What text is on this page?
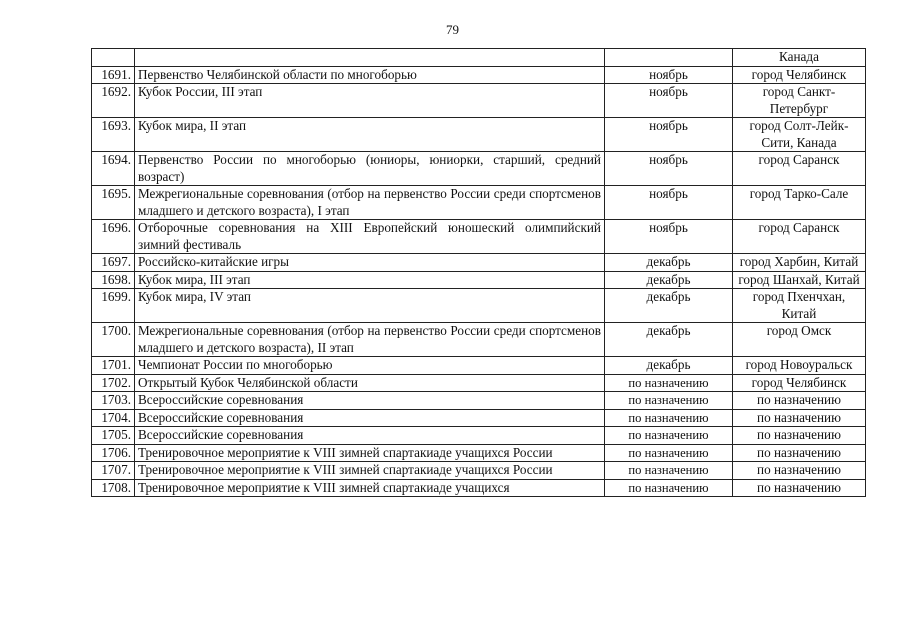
79
			Канада
1691.	Первенство Челябинской области по многоборью	ноябрь	город Челябинск
1692.	Кубок России, III этап	ноябрь	город Санкт-Петербург
1693.	Кубок мира, II этап	ноябрь	город Солт-Лейк-Сити, Канада
1694.	Первенство России по многоборью (юниоры, юниорки, старший, средний возраст)	ноябрь	город Саранск
1695.	Межрегиональные соревнования (отбор на первенство России среди спортсменов младшего и детского возраста), I этап	ноябрь	город Тарко-Сале
1696.	Отборочные соревнования на XIII Европейский юношеский олимпийский зимний фестиваль	ноябрь	город Саранск
1697.	Российско-китайские игры	декабрь	город Харбин, Китай
1698.	Кубок мира, III этап	декабрь	город Шанхай, Китай
1699.	Кубок мира, IV этап	декабрь	город Пхенчхан, Китай
1700.	Межрегиональные соревнования (отбор на первенство России среди спортсменов младшего и детского возраста), II этап	декабрь	город Омск
1701.	Чемпионат России по многоборью	декабрь	город Новоуральск
1702.	Открытый Кубок Челябинской области	по назначению	город Челябинск
1703.	Всероссийские соревнования	по назначению	по назначению
1704.	Всероссийские соревнования	по назначению	по назначению
1705.	Всероссийские соревнования	по назначению	по назначению
1706.	Тренировочное мероприятие к VIII зимней спартакиаде учащихся России	по назначению	по назначению
1707.	Тренировочное мероприятие к VIII зимней спартакиаде учащихся России	по назначению	по назначению
1708.	Тренировочное мероприятие к VIII зимней спартакиаде учащихся	по назначению	по назначению
